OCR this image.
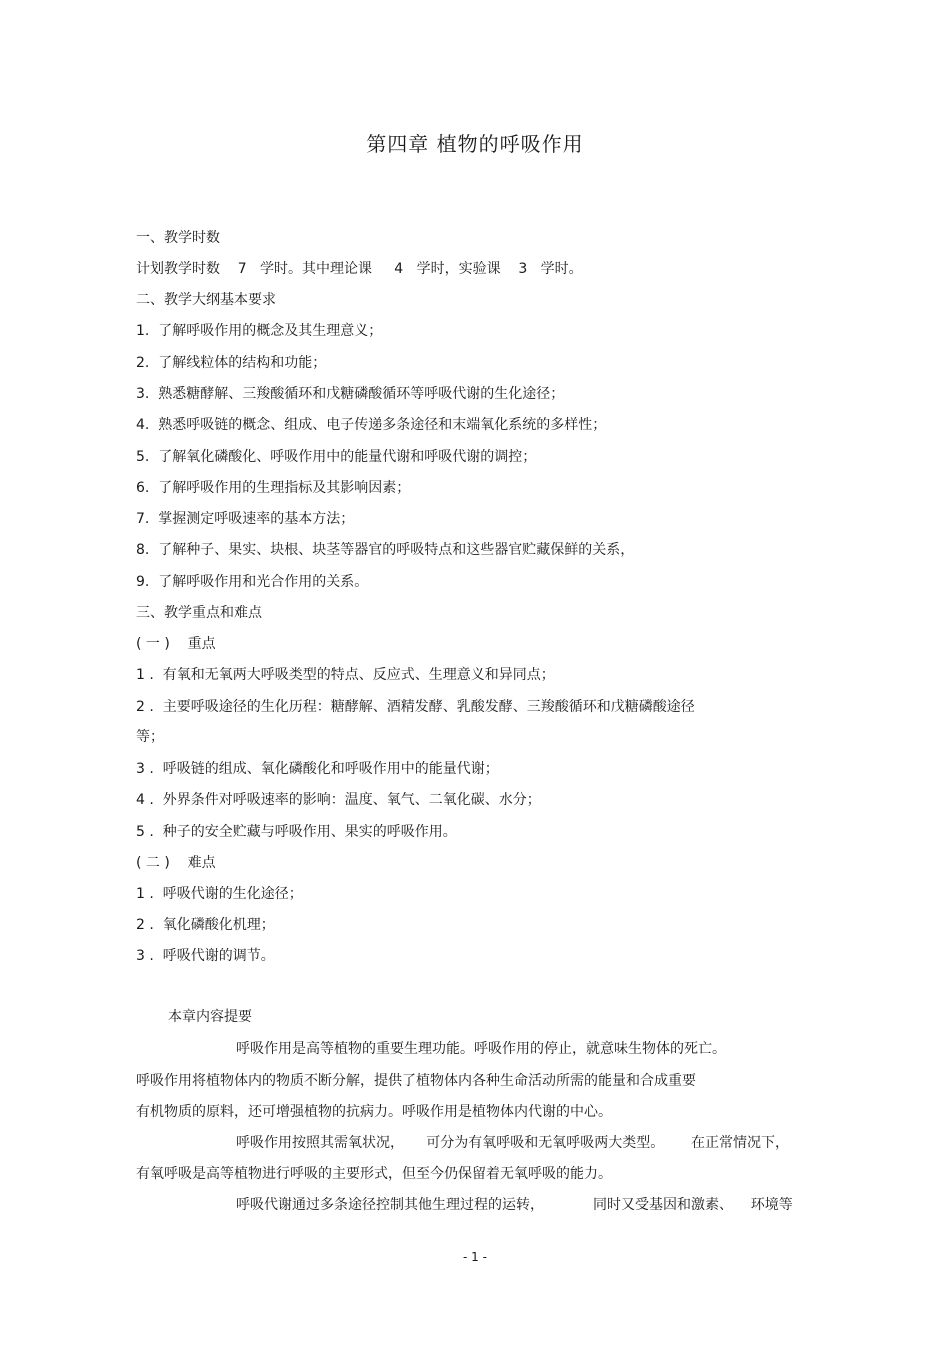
第四章 植物的呼吸作用
一、教学时数
计划教学时数    7   学时。其中理论课     4   学时，实验课    3   学时。
二、教学大纲基本要求
1.  了解呼吸作用的概念及其生理意义；
2.  了解线粒体的结构和功能；
3.  熟悉糖酵解、三羧酸循环和戊糖磷酸循环等呼吸代谢的生化途径；
4.  熟悉呼吸链的概念、组成、电子传递多条途径和末端氧化系统的多样性；
5.  了解氧化磷酸化、呼吸作用中的能量代谢和呼吸代谢的调控；
6.  了解呼吸作用的生理指标及其影响因素；
7.  掌握测定呼吸速率的基本方法；
8.  了解种子、果实、块根、块茎等器官的呼吸特点和这些器官贮藏保鲜的关系，
9.  了解呼吸作用和光合作用的关系。
三、教学重点和难点
( 一 )    重点
1 .  有氧和无氧两大呼吸类型的特点、反应式、生理意义和异同点；
2 .  主要呼吸途径的生化历程：糖酵解、酒精发酵、乳酸发酵、三羧酸循环和戊糖磷酸途径
等；
3 .  呼吸链的组成、氧化磷酸化和呼吸作用中的能量代谢；
4 .  外界条件对呼吸速率的影响：温度、氧气、二氧化碳、水分；
5 .  种子的安全贮藏与呼吸作用、果实的呼吸作用。
( 二 )    难点
1 .  呼吸代谢的生化途径；
2 .  氧化磷酸化机理；
3 .  呼吸代谢的调节。
本章内容提要
呼吸作用是高等植物的重要生理功能。呼吸作用的停止，就意味生物体的死亡。
呼吸作用将植物体内的物质不断分解，提供了植物体内各种生命活动所需的能量和合成重要
有机物质的原料，还可增强植物的抗病力。呼吸作用是植物体内代谢的中心。
呼吸作用按照其需氧状况，     可分为有氧呼吸和无氧呼吸两大类型。      在正常情况下，
有氧呼吸是高等植物进行呼吸的主要形式，但至今仍保留着无氧呼吸的能力。
呼吸代谢通过多条途径控制其他生理过程的运转，           同时又受基因和激素、    环境等
- 1 -
